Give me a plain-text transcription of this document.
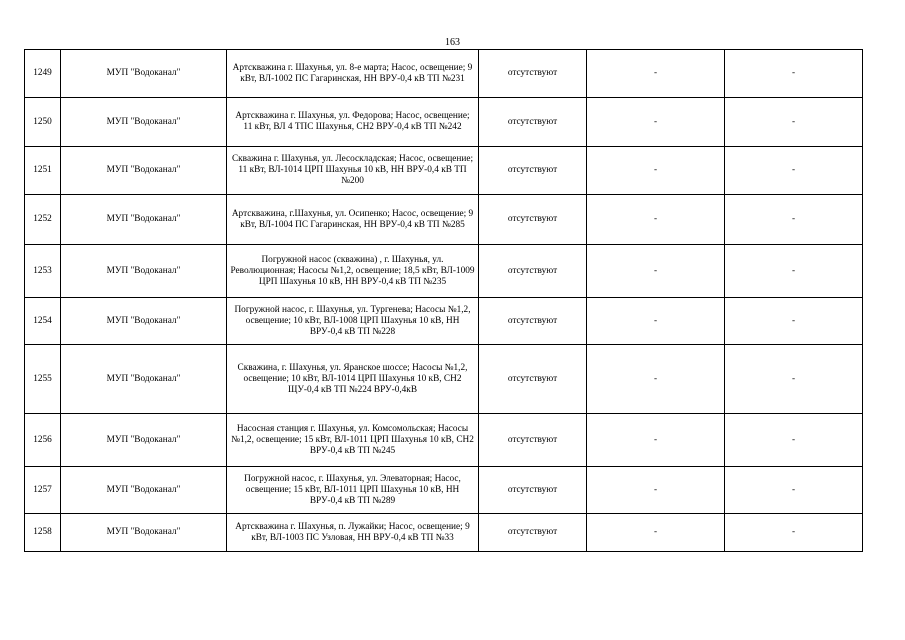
163
1249	МУП "Водоканал"	Артскважина г. Шахунья, ул. 8-е марта; Насос, освещение; 9 кВт, ВЛ-1002 ПС Гагаринская, НН ВРУ-0,4 кВ ТП №231	отсутствуют	-	-
1250	МУП "Водоканал"	Артскважина г. Шахунья, ул. Федорова; Насос, освещение; 11 кВт, ВЛ 4 ТПС Шахунья, СН2 ВРУ-0,4 кВ ТП №242	отсутствуют	-	-
1251	МУП "Водоканал"	Скважина г. Шахунья, ул. Лесоскладская; Насос, освещение; 11 кВт, ВЛ-1014 ЦРП Шахунья 10 кВ, НН ВРУ-0,4 кВ ТП №200	отсутствуют	-	-
1252	МУП "Водоканал"	Артскважина, г.Шахунья, ул. Осипенко; Насос, освещение; 9 кВт, ВЛ-1004 ПС Гагаринская, НН ВРУ-0,4 кВ ТП №285	отсутствуют	-	-
1253	МУП "Водоканал"	Погружной насос (скважина) , г. Шахунья, ул. Революционная; Насосы №1,2, освещение; 18,5 кВт, ВЛ-1009 ЦРП Шахунья 10 кВ, НН ВРУ-0,4 кВ ТП №235	отсутствуют	-	-
1254	МУП "Водоканал"	Погружной насос, г. Шахунья, ул. Тургенева; Насосы №1,2, освещение; 10 кВт, ВЛ-1008 ЦРП Шахунья 10 кВ, НН ВРУ-0,4 кВ ТП №228	отсутствуют	-	-
1255	МУП "Водоканал"	Скважина, г. Шахунья, ул. Яранское шоссе; Насосы №1,2, освещение; 10 кВт, ВЛ-1014 ЦРП Шахунья 10 кВ, СН2 ЩУ-0,4 кВ ТП №224 ВРУ-0,4кВ	отсутствуют	-	-
1256	МУП "Водоканал"	Насосная станция г. Шахунья, ул. Комсомольская; Насосы №1,2, освещение; 15 кВт, ВЛ-1011 ЦРП Шахунья 10 кВ, СН2 ВРУ-0,4 кВ ТП №245	отсутствуют	-	-
1257	МУП "Водоканал"	Погружной насос, г. Шахунья, ул. Элеваторная; Насос, освещение; 15 кВт, ВЛ-1011 ЦРП Шахунья 10 кВ, НН ВРУ-0,4 кВ ТП №289	отсутствуют	-	-
1258	МУП "Водоканал"	Артскважина г. Шахунья, п. Лужайки; Насос, освещение; 9 кВт, ВЛ-1003 ПС Узловая, НН ВРУ-0,4 кВ ТП №33	отсутствуют	-	-
